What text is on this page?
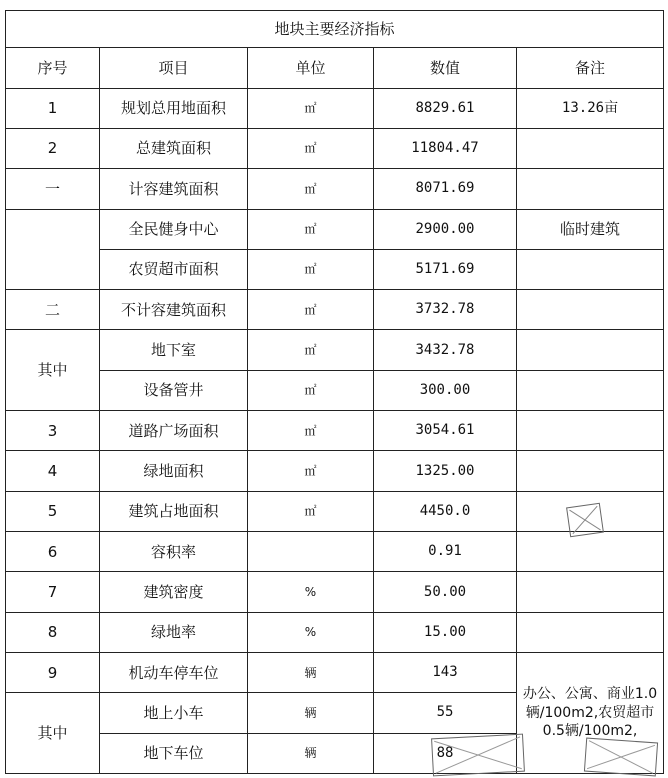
地块主要经济指标				
序号	项目	单位	数值	备注
1	规划总用地面积	㎡	8829.61	13.26亩
2	总建筑面积	㎡	11804.47	
一	计容建筑面积	㎡	8071.69	
	全民健身中心	㎡	2900.00	临时建筑
	农贸超市面积	㎡	5171.69	
二	不计容建筑面积	㎡	3732.78	
其中	地下室	㎡	3432.78	
	设备管井	㎡	300.00	
3	道路广场面积	㎡	3054.61	
4	绿地面积	㎡	1325.00	
5	建筑占地面积	㎡	4450.0	
6	容积率		0.91	
7	建筑密度	%	50.00	
8	绿地率	%	15.00	
9	机动车停车位	辆	143	办公、公寓、商业1.0辆/100m2,农贸超市0.5辆/100m2,
其中	地上小车	辆	55	
	地下车位	辆	88	
